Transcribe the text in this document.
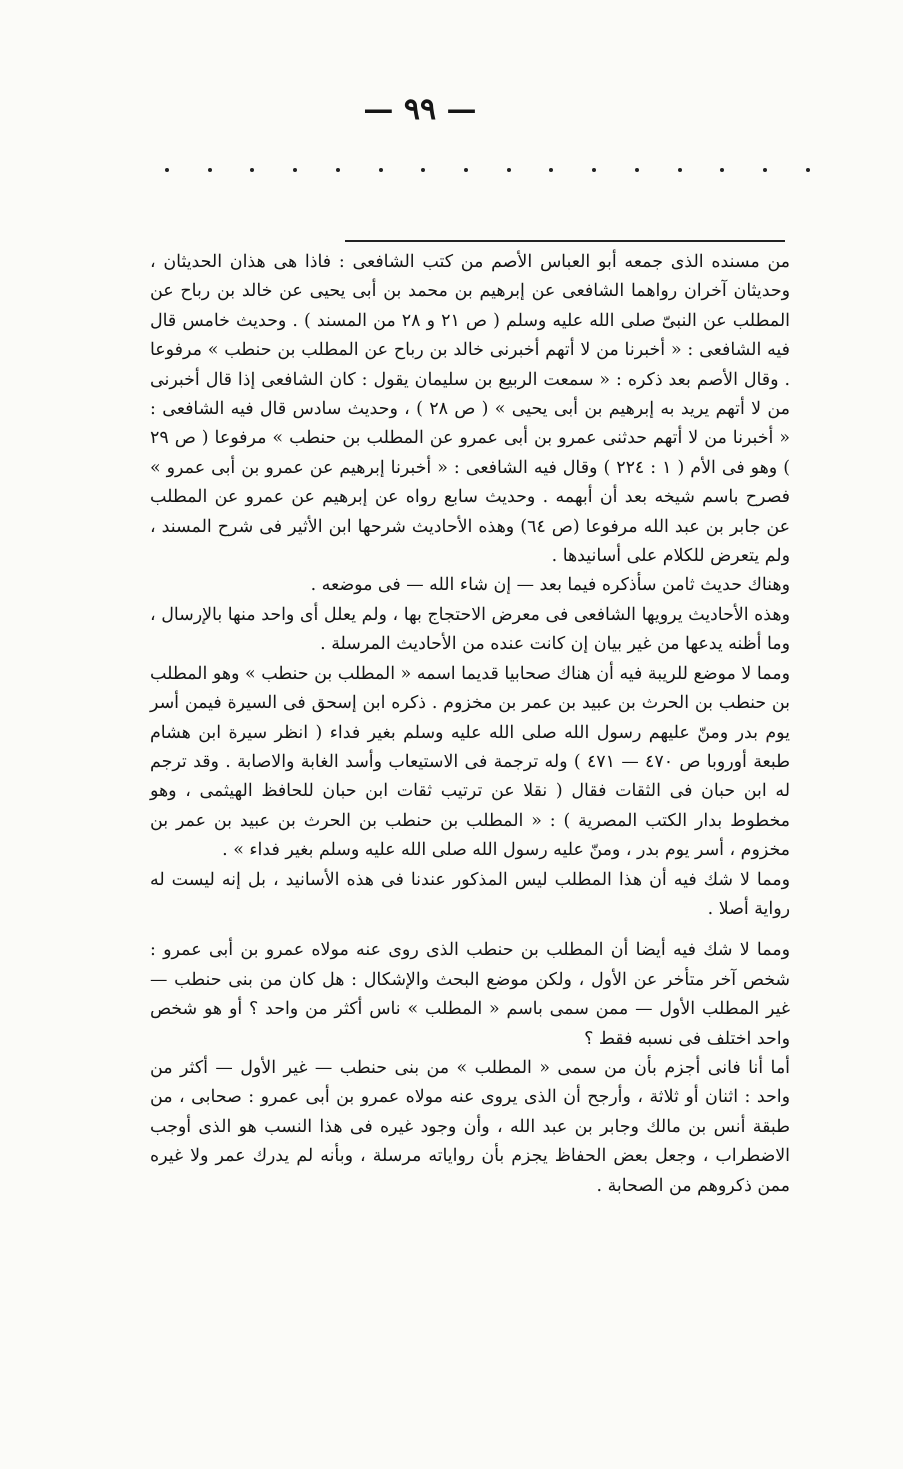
— ٩٩ —

من مسنده الذى جمعه أبو العباس الأصم من كتب الشافعى : فاذا هى هذان الحديثان ، وحديثان آخران رواهما الشافعى عن إبرهيم بن محمد بن أبى يحيى عن خالد بن رباح عن المطلب عن النبىّ صلى الله عليه وسلم ( ص ٢١ و ٢٨ من المسند ) . وحديث خامس قال فيه الشافعى : « أخبرنا من لا أتهم أخبرنى خالد بن رباح عن المطلب بن حنطب » مرفوعا . وقال الأصم بعد ذكره : « سمعت الربيع بن سليمان يقول : كان الشافعى إذا قال أخبرنى من لا أتهم يريد به إبرهيم بن أبى يحيى » ( ص ٢٨ ) ، وحديث سادس قال فيه الشافعى : « أخبرنا من لا أتهم حدثنى عمرو بن أبى عمرو عن المطلب بن حنطب » مرفوعا ( ص ٢٩ ) وهو فى الأم ( ١ : ٢٢٤ ) وقال فيه الشافعى : « أخبرنا إبرهيم عن عمرو بن أبى عمرو » فصرح باسم شيخه بعد أن أبهمه . وحديث سابع رواه عن إبرهيم عن عمرو عن المطلب عن جابر بن عبد الله مرفوعا (ص ٦٤) وهذه الأحاديث شرحها ابن الأثير فى شرح المسند ، ولم يتعرض للكلام على أسانيدها .

وهناك حديث ثامن سأذكره فيما بعد — إن شاء الله — فى موضعه .

وهذه الأحاديث يرويها الشافعى فى معرض الاحتجاج بها ، ولم يعلل أى واحد منها بالإرسال ، وما أظنه يدعها من غير بيان إن كانت عنده من الأحاديث المرسلة .

ومما لا موضع للريبة فيه أن هناك صحابيا قديما اسمه « المطلب بن حنطب » وهو المطلب بن حنطب بن الحرث بن عبيد بن عمر بن مخزوم . ذكره ابن إسحق فى السيرة فيمن أسر يوم بدر ومنّ عليهم رسول الله صلى الله عليه وسلم بغير فداء ( انظر سيرة ابن هشام طبعة أوروبا ص ٤٧٠ — ٤٧١ ) وله ترجمة فى الاستيعاب وأسد الغابة والاصابة . وقد ترجم له ابن حبان فى الثقات فقال ( نقلا عن ترتيب ثقات ابن حبان للحافظ الهيثمى ، وهو مخطوط بدار الكتب المصرية ) : « المطلب بن حنطب بن الحرث بن عبيد بن عمر بن مخزوم ، أسر يوم بدر ، ومنّ عليه رسول الله صلى الله عليه وسلم بغير فداء » .

ومما لا شك فيه أن هذا المطلب ليس المذكور عندنا فى هذه الأسانيد ، بل إنه ليست له رواية أصلا .

ومما لا شك فيه أيضا أن المطلب بن حنطب الذى روى عنه مولاه عمرو بن أبى عمرو : شخص آخر متأخر عن الأول ، ولكن موضع البحث والإشكال : هل كان من بنى حنطب — غير المطلب الأول — ممن سمى باسم « المطلب » ناس أكثر من واحد ؟ أو هو شخص واحد اختلف فى نسبه فقط ؟

أما أنا فانى أجزم بأن من سمى « المطلب » من بنى حنطب — غير الأول — أكثر من واحد : اثنان أو ثلاثة ، وأرجح أن الذى يروى عنه مولاه عمرو بن أبى عمرو : صحابى ، من طبقة أنس بن مالك وجابر بن عبد الله ، وأن وجود غيره فى هذا النسب هو الذى أوجب الاضطراب ، وجعل بعض الحفاظ يجزم بأن رواياته مرسلة ، وبأنه لم يدرك عمر ولا غيره ممن ذكروهم من الصحابة .
